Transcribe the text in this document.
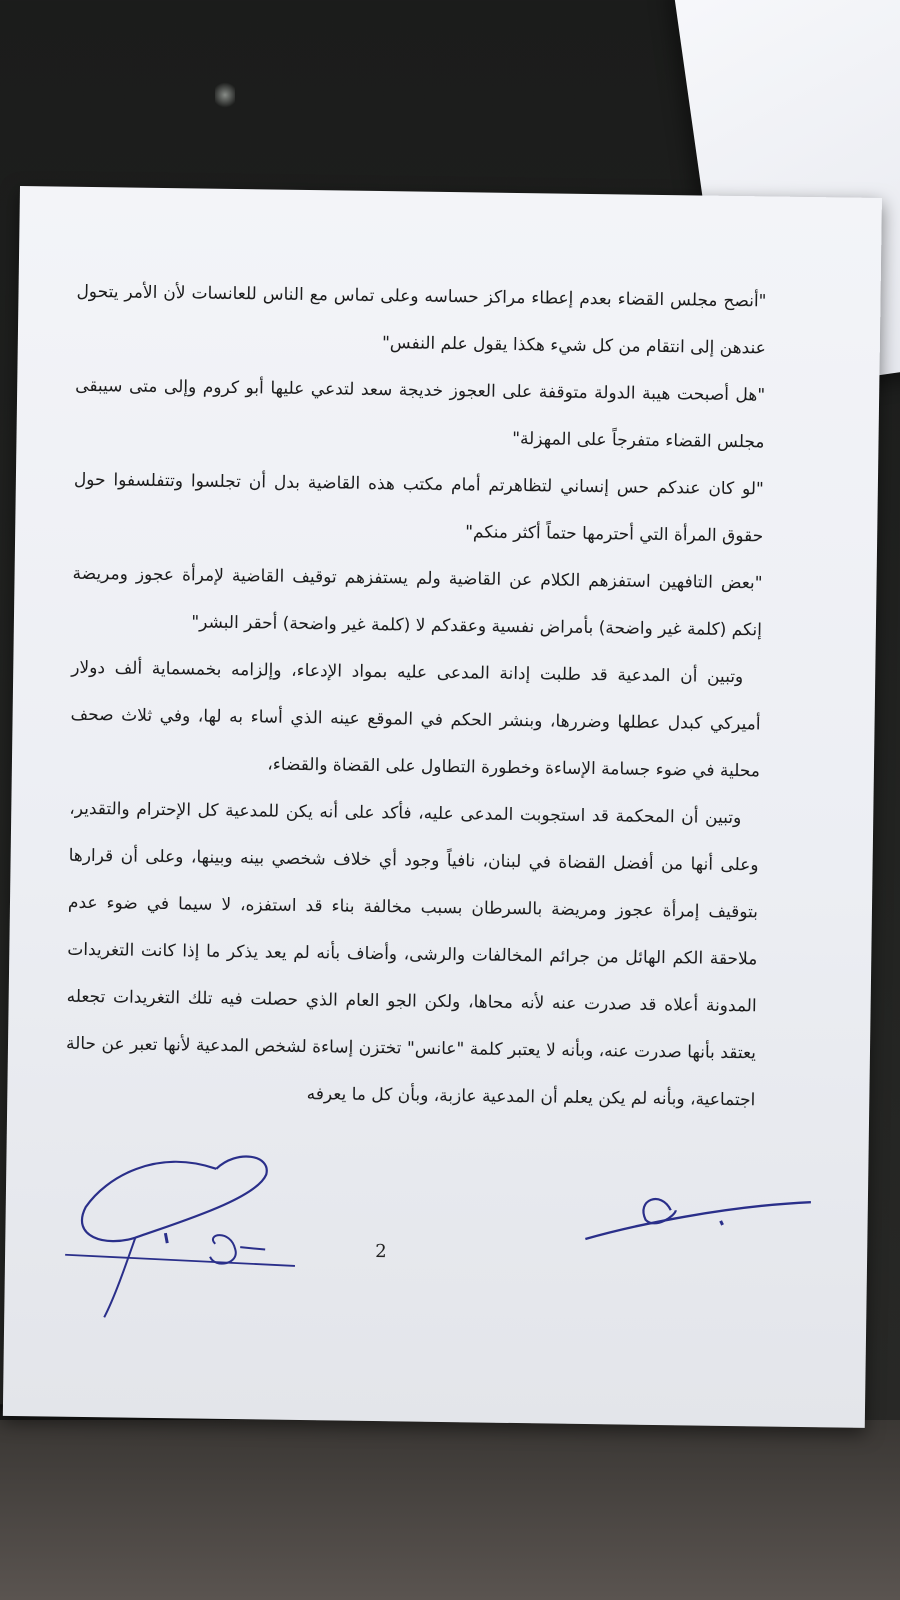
"أنصح مجلس القضاء بعدم إعطاء مراكز حساسه وعلى تماس مع الناس للعانسات لأن الأمر يتحول عندهن إلى انتقام من كل شيء هكذا يقول علم النفس"

"هل أصبحت هيبة الدولة متوقفة على العجوز خديجة سعد لتدعي عليها أبو كروم وإلى متى سيبقى مجلس القضاء متفرجاً على المهزلة"

"لو كان عندكم حس إنساني لتظاهرتم أمام مكتب هذه القاضية بدل أن تجلسوا وتتفلسفوا حول حقوق المرأة التي أحترمها حتماً أكثر منكم"

"بعض التافهين استفزهم الكلام عن القاضية ولم يستفزهم توقيف القاضية لإمرأة عجوز ومريضة إنكم (كلمة غير واضحة) بأمراض نفسية وعقدكم لا (كلمة غير واضحة) أحقر البشر"

وتبين أن المدعية قد طلبت إدانة المدعى عليه بمواد الإدعاء، وإلزامه بخمسماية ألف دولار أميركي كبدل عطلها وضررها، وبنشر الحكم في الموقع عينه الذي أساء به لها، وفي ثلاث صحف محلية في ضوء جسامة الإساءة وخطورة التطاول على القضاة والقضاء،

وتبين أن المحكمة قد استجوبت المدعى عليه، فأكد على أنه يكن للمدعية كل الإحترام والتقدير، وعلى أنها من أفضل القضاة في لبنان، نافياً وجود أي خلاف شخصي بينه وبينها، وعلى أن قرارها بتوقيف إمرأة عجوز ومريضة بالسرطان بسبب مخالفة بناء قد استفزه، لا سيما في ضوء عدم ملاحقة الكم الهائل من جرائم المخالفات والرشى، وأضاف بأنه لم يعد يذكر ما إذا كانت التغريدات المدونة أعلاه قد صدرت عنه لأنه محاها، ولكن الجو العام الذي حصلت فيه تلك التغريدات تجعله يعتقد بأنها صدرت عنه، وبأنه لا يعتبر كلمة "عانس" تختزن إساءة لشخص المدعية لأنها تعبر عن حالة اجتماعية، وبأنه لم يكن يعلم أن المدعية عازبة، وبأن كل ما يعرفه

2
